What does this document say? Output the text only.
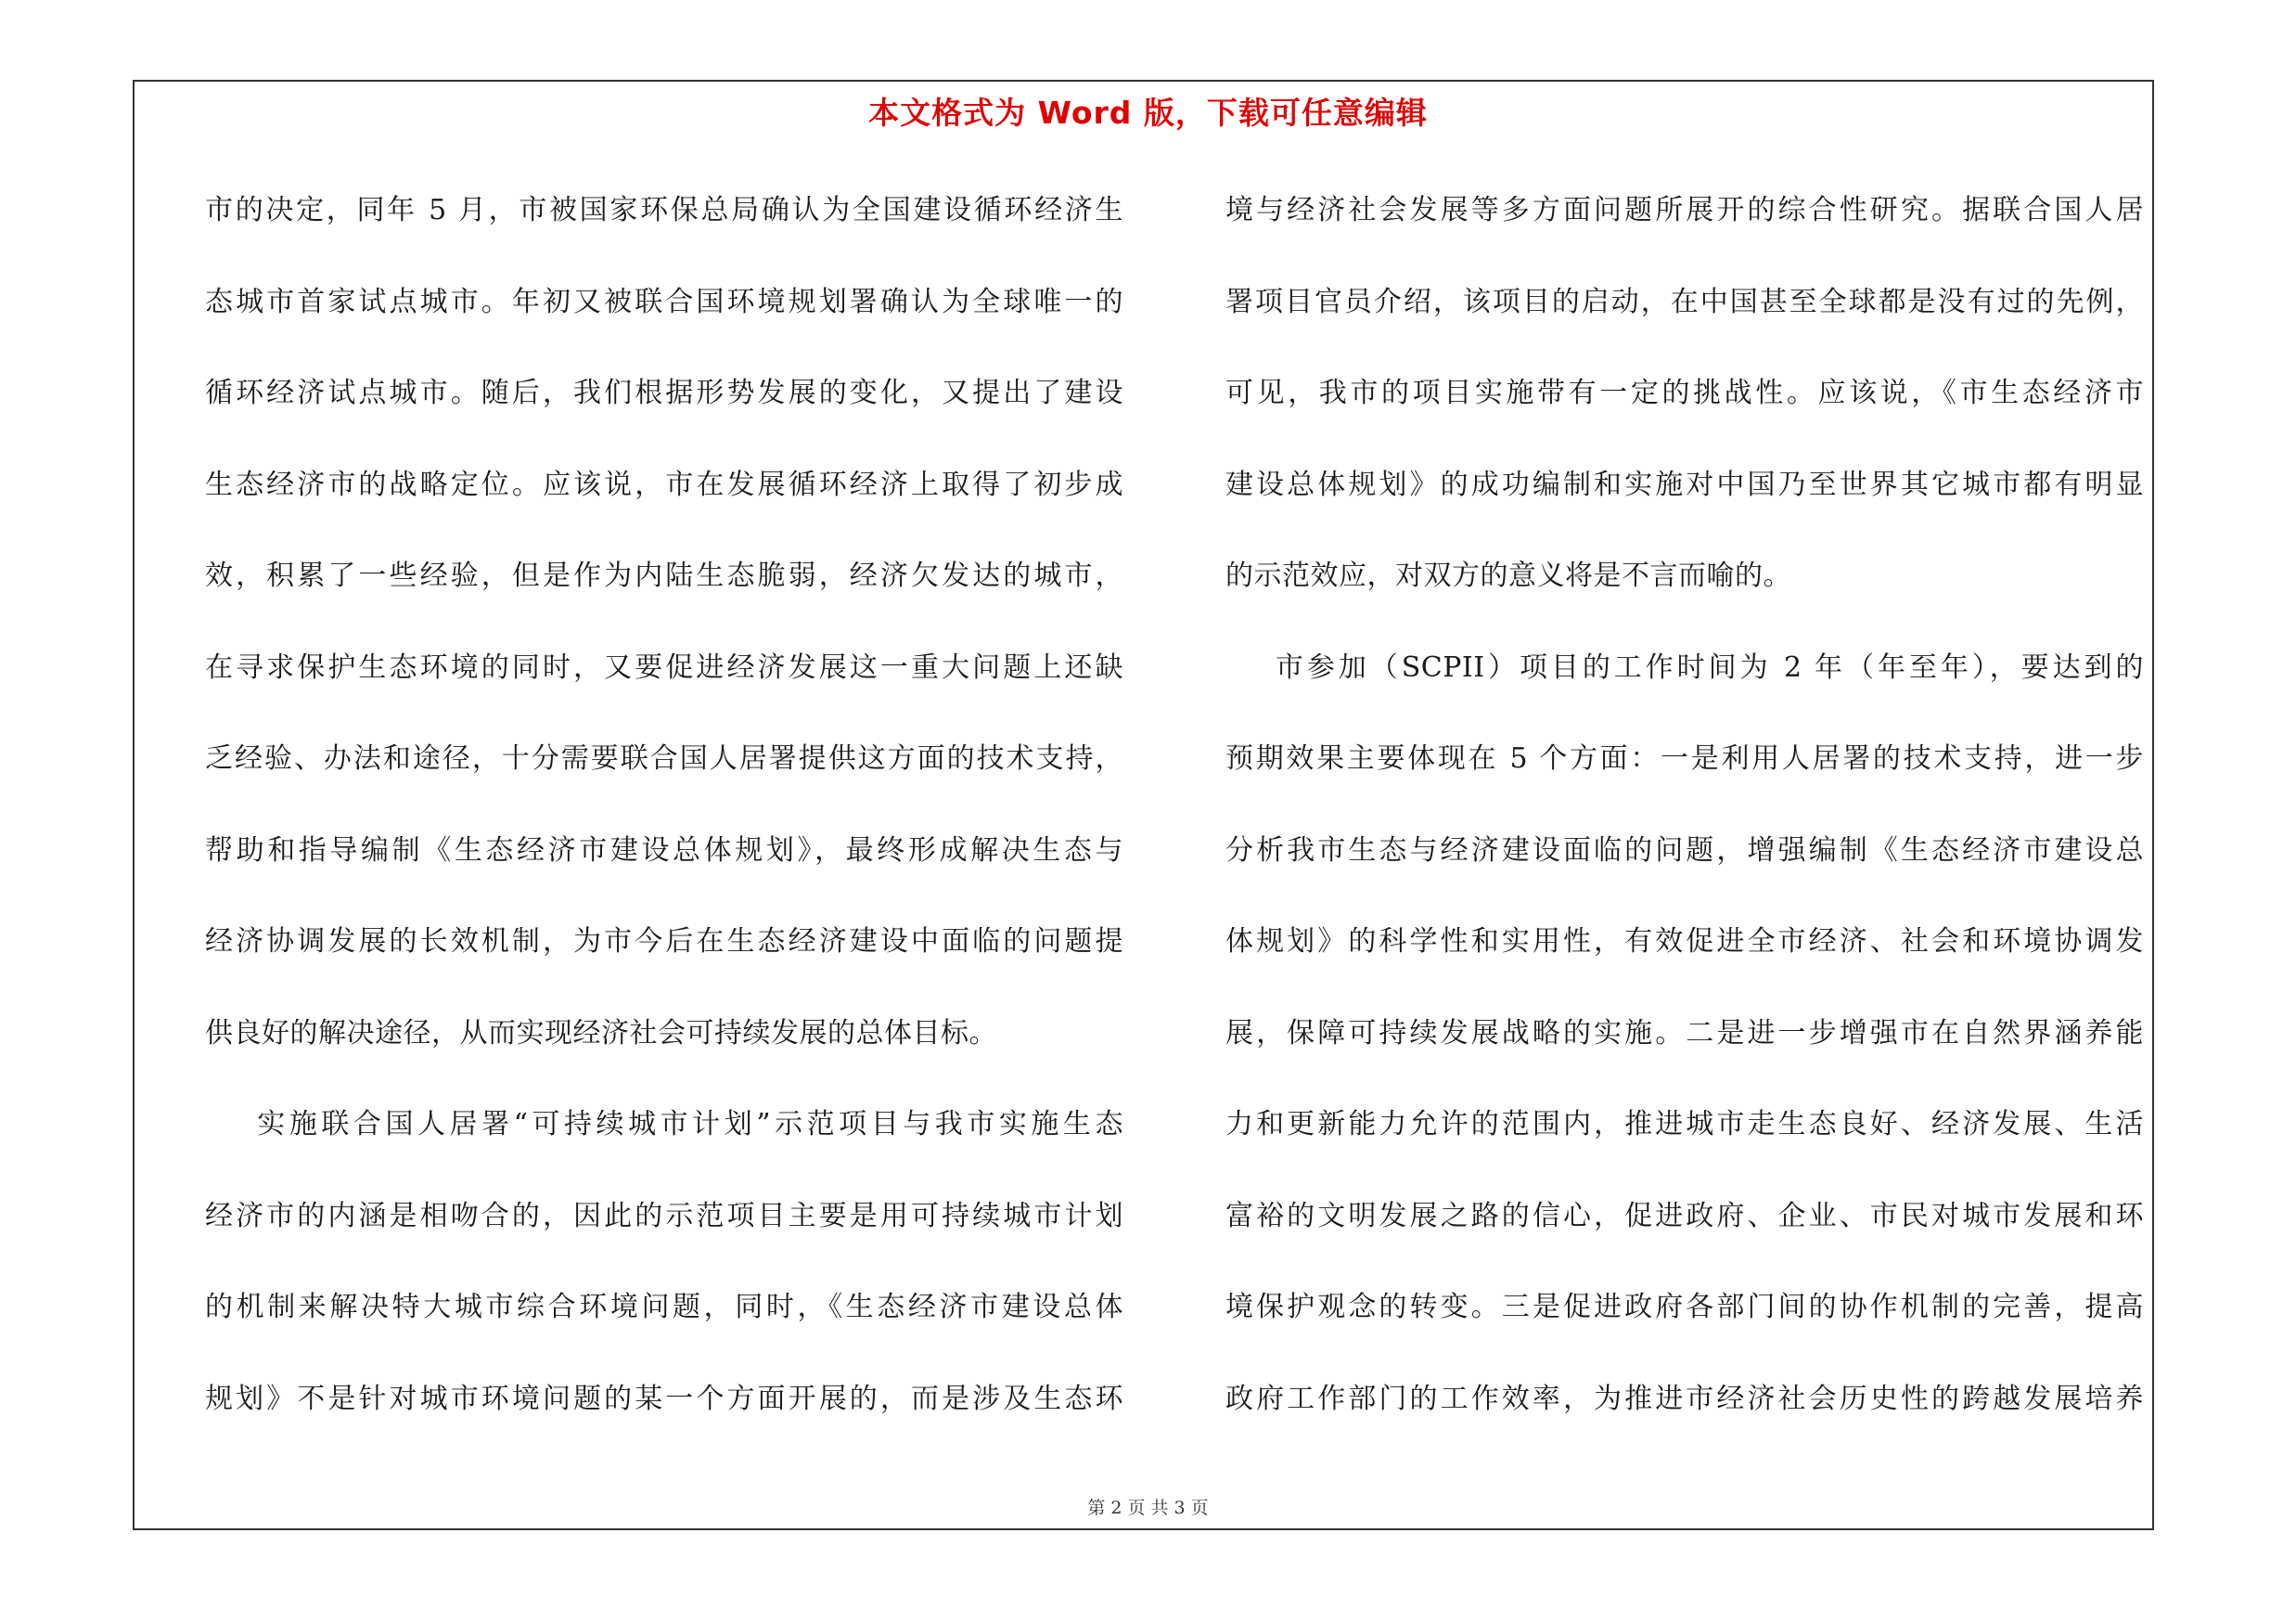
本文格式为 Word 版，下载可任意编辑
市的决定，同年 5 月，市被国家环保总局确认为全国建设循环经济生
态城市首家试点城市。年初又被联合国环境规划署确认为全球唯一的
循环经济试点城市。随后，我们根据形势发展的变化，又提出了建设
生态经济市的战略定位。应该说，市在发展循环经济上取得了初步成
效，积累了一些经验，但是作为内陆生态脆弱，经济欠发达的城市，
在寻求保护生态环境的同时，又要促进经济发展这一重大问题上还缺
乏经验、办法和途径，十分需要联合国人居署提供这方面的技术支持，
帮助和指导编制《生态经济市建设总体规划》，最终形成解决生态与
经济协调发展的长效机制，为市今后在生态经济建设中面临的问题提
供良好的解决途径，从而实现经济社会可持续发展的总体目标。
实施联合国人居署“可持续城市计划”示范项目与我市实施生态
经济市的内涵是相吻合的，因此的示范项目主要是用可持续城市计划
的机制来解决特大城市综合环境问题，同时，《生态经济市建设总体
规划》不是针对城市环境问题的某一个方面开展的，而是涉及生态环
境与经济社会发展等多方面问题所展开的综合性研究。据联合国人居
署项目官员介绍，该项目的启动，在中国甚至全球都是没有过的先例，
可见，我市的项目实施带有一定的挑战性。应该说，《市生态经济市
建设总体规划》的成功编制和实施对中国乃至世界其它城市都有明显
的示范效应，对双方的意义将是不言而喻的。
市参加（SCPII）项目的工作时间为 2 年（年至年），要达到的
预期效果主要体现在 5 个方面：一是利用人居署的技术支持，进一步
分析我市生态与经济建设面临的问题，增强编制《生态经济市建设总
体规划》的科学性和实用性，有效促进全市经济、社会和环境协调发
展，保障可持续发展战略的实施。二是进一步增强市在自然界涵养能
力和更新能力允许的范围内，推进城市走生态良好、经济发展、生活
富裕的文明发展之路的信心，促进政府、企业、市民对城市发展和环
境保护观念的转变。三是促进政府各部门间的协作机制的完善，提高
政府工作部门的工作效率，为推进市经济社会历史性的跨越发展培养
第 2 页 共 3 页
